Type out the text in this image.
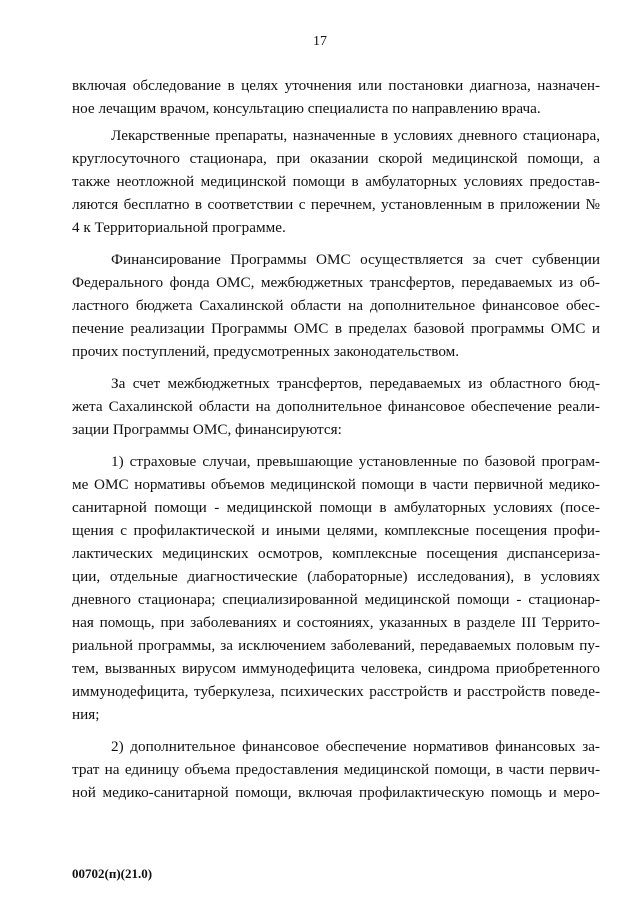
17
включая обследование в целях уточнения или постановки диагноза, назначен-
ное лечащим врачом, консультацию специалиста по направлению врача.
Лекарственные препараты, назначенные в условиях дневного стационара,
круглосуточного стационара, при оказании скорой медицинской помощи, а
также неотложной медицинской помощи в амбулаторных условиях предостав-
ляются бесплатно в соответствии с перечнем, установленным в приложении №
4 к Территориальной программе.
Финансирование Программы ОМС осуществляется за счет субвенции
Федерального фонда ОМС, межбюджетных трансфертов, передаваемых из об-
ластного бюджета Сахалинской области на дополнительное финансовое обес-
печение реализации Программы ОМС в пределах базовой программы ОМС и
прочих поступлений, предусмотренных законодательством.
За счет межбюджетных трансфертов, передаваемых из областного бюд-
жета Сахалинской области на дополнительное финансовое обеспечение реали-
зации Программы ОМС, финансируются:
1) страховые случаи, превышающие установленные по базовой програм-
ме ОМС нормативы объемов медицинской помощи в части первичной медико-
санитарной помощи - медицинской помощи в амбулаторных условиях (посе-
щения с профилактической и иными целями, комплексные посещения профи-
лактических медицинских осмотров, комплексные посещения диспансериза-
ции, отдельные диагностические (лабораторные) исследования), в условиях
дневного стационара; специализированной медицинской помощи - стационар-
ная помощь, при заболеваниях и состояниях, указанных в разделе III Террито-
риальной программы, за исключением заболеваний, передаваемых половым пу-
тем, вызванных вирусом иммунодефицита человека, синдрома приобретенного
иммунодефицита, туберкулеза, психических расстройств и расстройств поведе-
ния;
2) дополнительное финансовое обеспечение нормативов финансовых за-
трат на единицу объема предоставления медицинской помощи, в части первич-
ной медико-санитарной помощи, включая профилактическую помощь и меро-
00702(п)(21.0)
